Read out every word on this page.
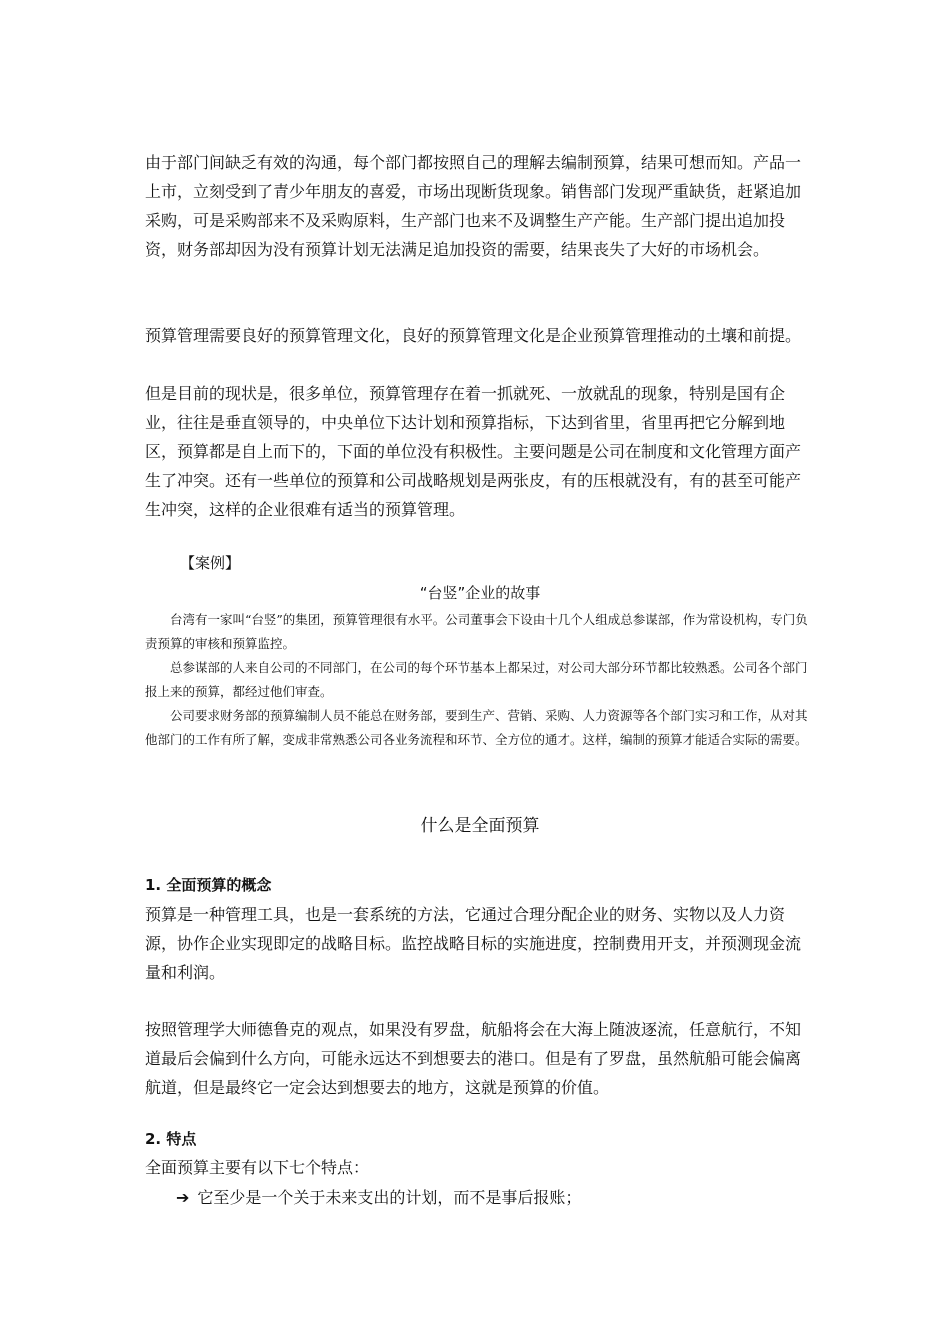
由于部门间缺乏有效的沟通，每个部门都按照自己的理解去编制预算，结果可想而知。产品一上市，立刻受到了青少年朋友的喜爱，市场出现断货现象。销售部门发现严重缺货，赶紧追加采购，可是采购部来不及采购原料，生产部门也来不及调整生产产能。生产部门提出追加投资，财务部却因为没有预算计划无法满足追加投资的需要，结果丧失了大好的市场机会。

预算管理需要良好的预算管理文化，良好的预算管理文化是企业预算管理推动的土壤和前提。

但是目前的现状是，很多单位，预算管理存在着一抓就死、一放就乱的现象，特别是国有企业，往往是垂直领导的，中央单位下达计划和预算指标，下达到省里，省里再把它分解到地区，预算都是自上而下的，下面的单位没有积极性。主要问题是公司在制度和文化管理方面产生了冲突。还有一些单位的预算和公司战略规划是两张皮，有的压根就没有，有的甚至可能产生冲突，这样的企业很难有适当的预算管理。

【案例】

“台竖”企业的故事

台湾有一家叫“台竖”的集团，预算管理很有水平。公司董事会下设由十几个人组成总参谋部，作为常设机构，专门负责预算的审核和预算监控。

总参谋部的人来自公司的不同部门，在公司的每个环节基本上都呆过，对公司大部分环节都比较熟悉。公司各个部门报上来的预算，都经过他们审查。

公司要求财务部的预算编制人员不能总在财务部，要到生产、营销、采购、人力资源等各个部门实习和工作，从对其他部门的工作有所了解，变成非常熟悉公司各业务流程和环节、全方位的通才。这样，编制的预算才能适合实际的需要。

什么是全面预算
1. 全面预算的概念

预算是一种管理工具，也是一套系统的方法，它通过合理分配企业的财务、实物以及人力资源，协作企业实现即定的战略目标。监控战略目标的实施进度，控制费用开支，并预测现金流量和利润。

按照管理学大师德鲁克的观点，如果没有罗盘，航船将会在大海上随波逐流，任意航行，不知道最后会偏到什么方向，可能永远达不到想要去的港口。但是有了罗盘，虽然航船可能会偏离航道，但是最终它一定会达到想要去的地方，这就是预算的价值。

2. 特点

全面预算主要有以下七个特点：

➔ 它至少是一个关于未来支出的计划，而不是事后报账；
